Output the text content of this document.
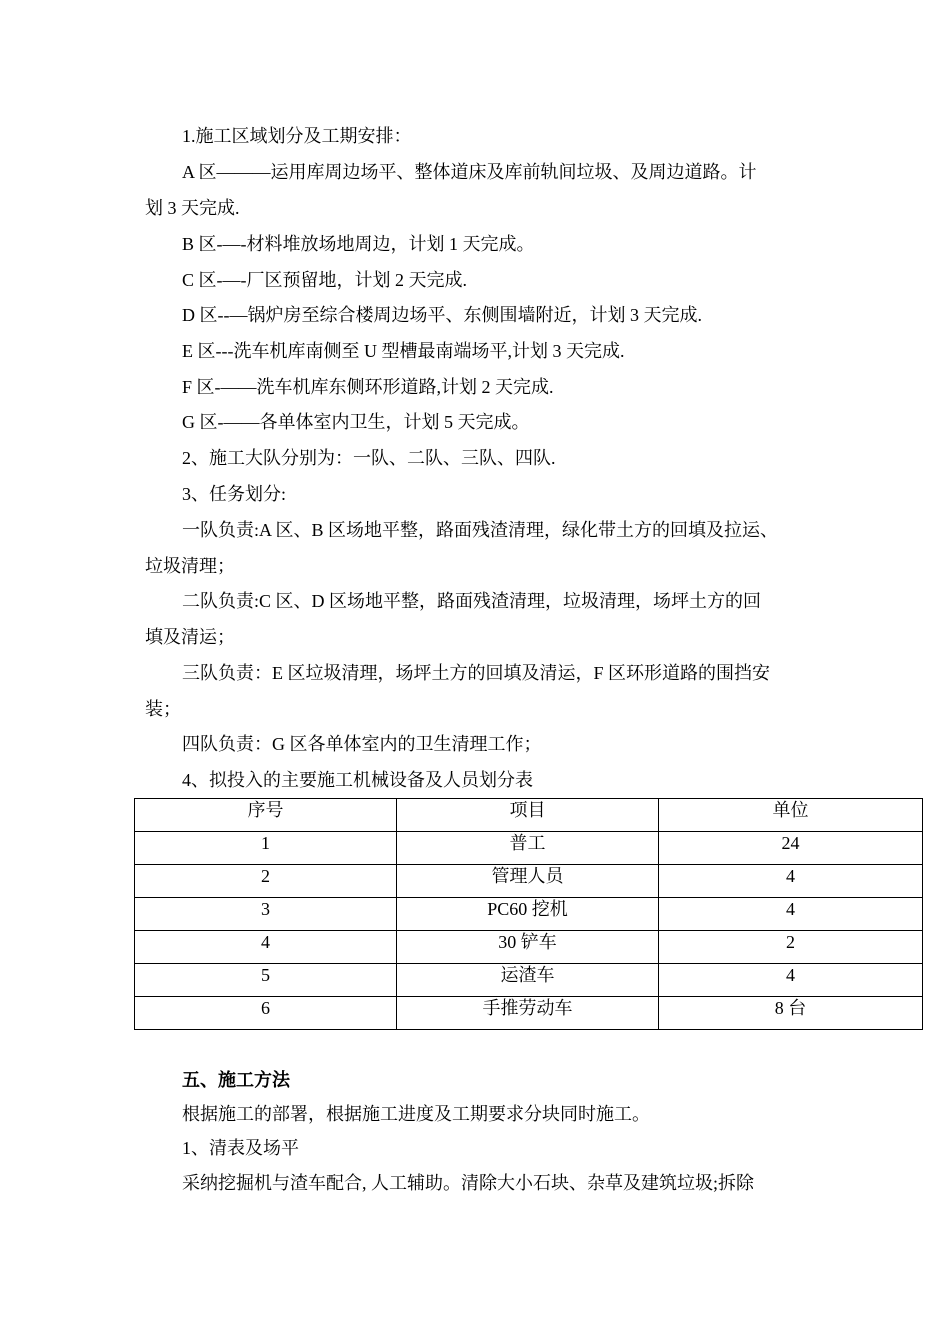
1.施工区域划分及工期安排：
A 区———运用库周边场平、整体道床及库前轨间垃圾、及周边道路。计
划 3 天完成.
B 区-—-材料堆放场地周边，计划 1 天完成。
C 区-—-厂区预留地，计划 2 天完成.
D 区--—锅炉房至综合楼周边场平、东侧围墙附近，计划 3 天完成.
E 区---洗车机库南侧至 U 型槽最南端场平,计划 3 天完成.
F 区-——洗车机库东侧环形道路,计划 2 天完成.
G 区-——各单体室内卫生，计划 5 天完成。
2、施工大队分别为：一队、二队、三队、四队.
3、任务划分:
一队负责:A 区、B 区场地平整，路面残渣清理，绿化带土方的回填及拉运、
垃圾清理；
二队负责:C 区、D 区场地平整，路面残渣清理，垃圾清理，场坪土方的回
填及清运；
三队负责：E 区垃圾清理，场坪土方的回填及清运，F 区环形道路的围挡安
装；
四队负责：G 区各单体室内的卫生清理工作；
4、拟投入的主要施工机械设备及人员划分表
序号	项目	单位
1	普工	24
2	管理人员	4
3	PC60 挖机	4
4	30 铲车	2
5	运渣车	4
6	手推劳动车	8 台
五、施工方法
根据施工的部署，根据施工进度及工期要求分块同时施工。
1、清表及场平
采纳挖掘机与渣车配合, 人工辅助。清除大小石块、杂草及建筑垃圾;拆除
